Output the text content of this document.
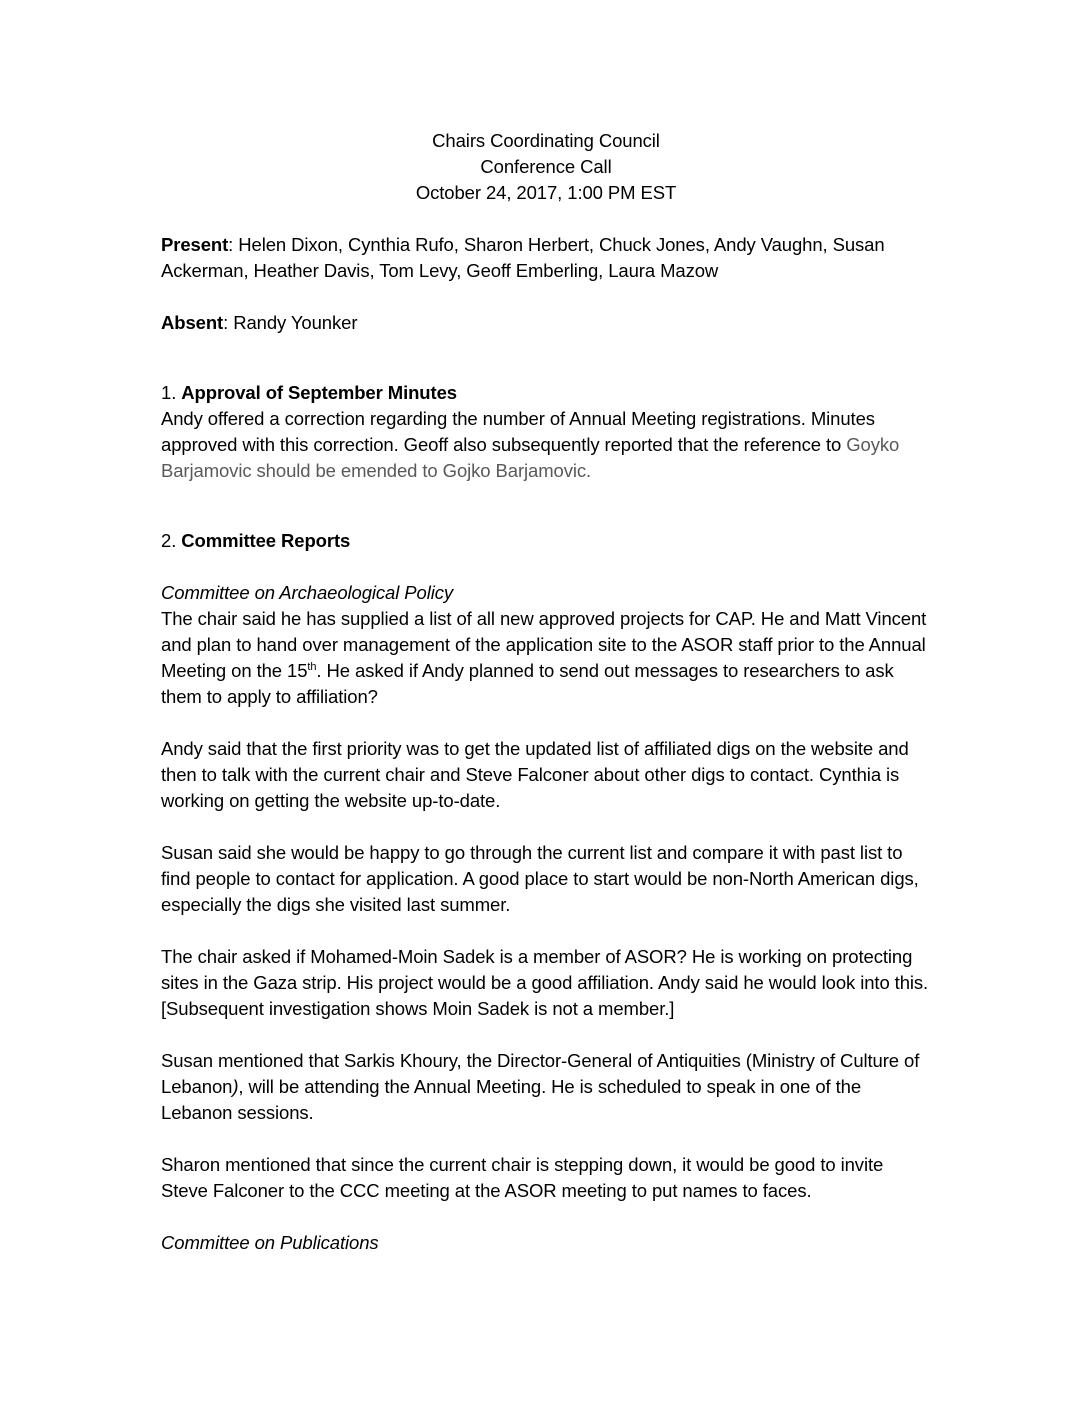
Chairs Coordinating Council
Conference Call
October 24, 2017, 1:00 PM EST

Present: Helen Dixon, Cynthia Rufo, Sharon Herbert, Chuck Jones, Andy Vaughn, Susan Ackerman, Heather Davis, Tom Levy, Geoff Emberling, Laura Mazow

Absent: Randy Younker

1. Approval of September Minutes

Andy offered a correction regarding the number of Annual Meeting registrations. Minutes approved with this correction. Geoff also subsequently reported that the reference to Goyko Barjamovic should be emended to Gojko Barjamovic.

2. Committee Reports

Committee on Archaeological Policy

The chair said he has supplied a list of all new approved projects for CAP. He and Matt Vincent and plan to hand over management of the application site to the ASOR staff prior to the Annual Meeting on the 15th. He asked if Andy planned to send out messages to researchers to ask them to apply to affiliation?

Andy said that the first priority was to get the updated list of affiliated digs on the website and then to talk with the current chair and Steve Falconer about other digs to contact. Cynthia is working on getting the website up-to-date.

Susan said she would be happy to go through the current list and compare it with past list to find people to contact for application. A good place to start would be non-North American digs, especially the digs she visited last summer.

The chair asked if Mohamed-Moin Sadek is a member of ASOR? He is working on protecting sites in the Gaza strip. His project would be a good affiliation. Andy said he would look into this. [Subsequent investigation shows Moin Sadek is not a member.]

Susan mentioned that Sarkis Khoury, the Director-General of Antiquities (Ministry of Culture of Lebanon), will be attending the Annual Meeting. He is scheduled to speak in one of the Lebanon sessions.

Sharon mentioned that since the current chair is stepping down, it would be good to invite Steve Falconer to the CCC meeting at the ASOR meeting to put names to faces.

Committee on Publications
